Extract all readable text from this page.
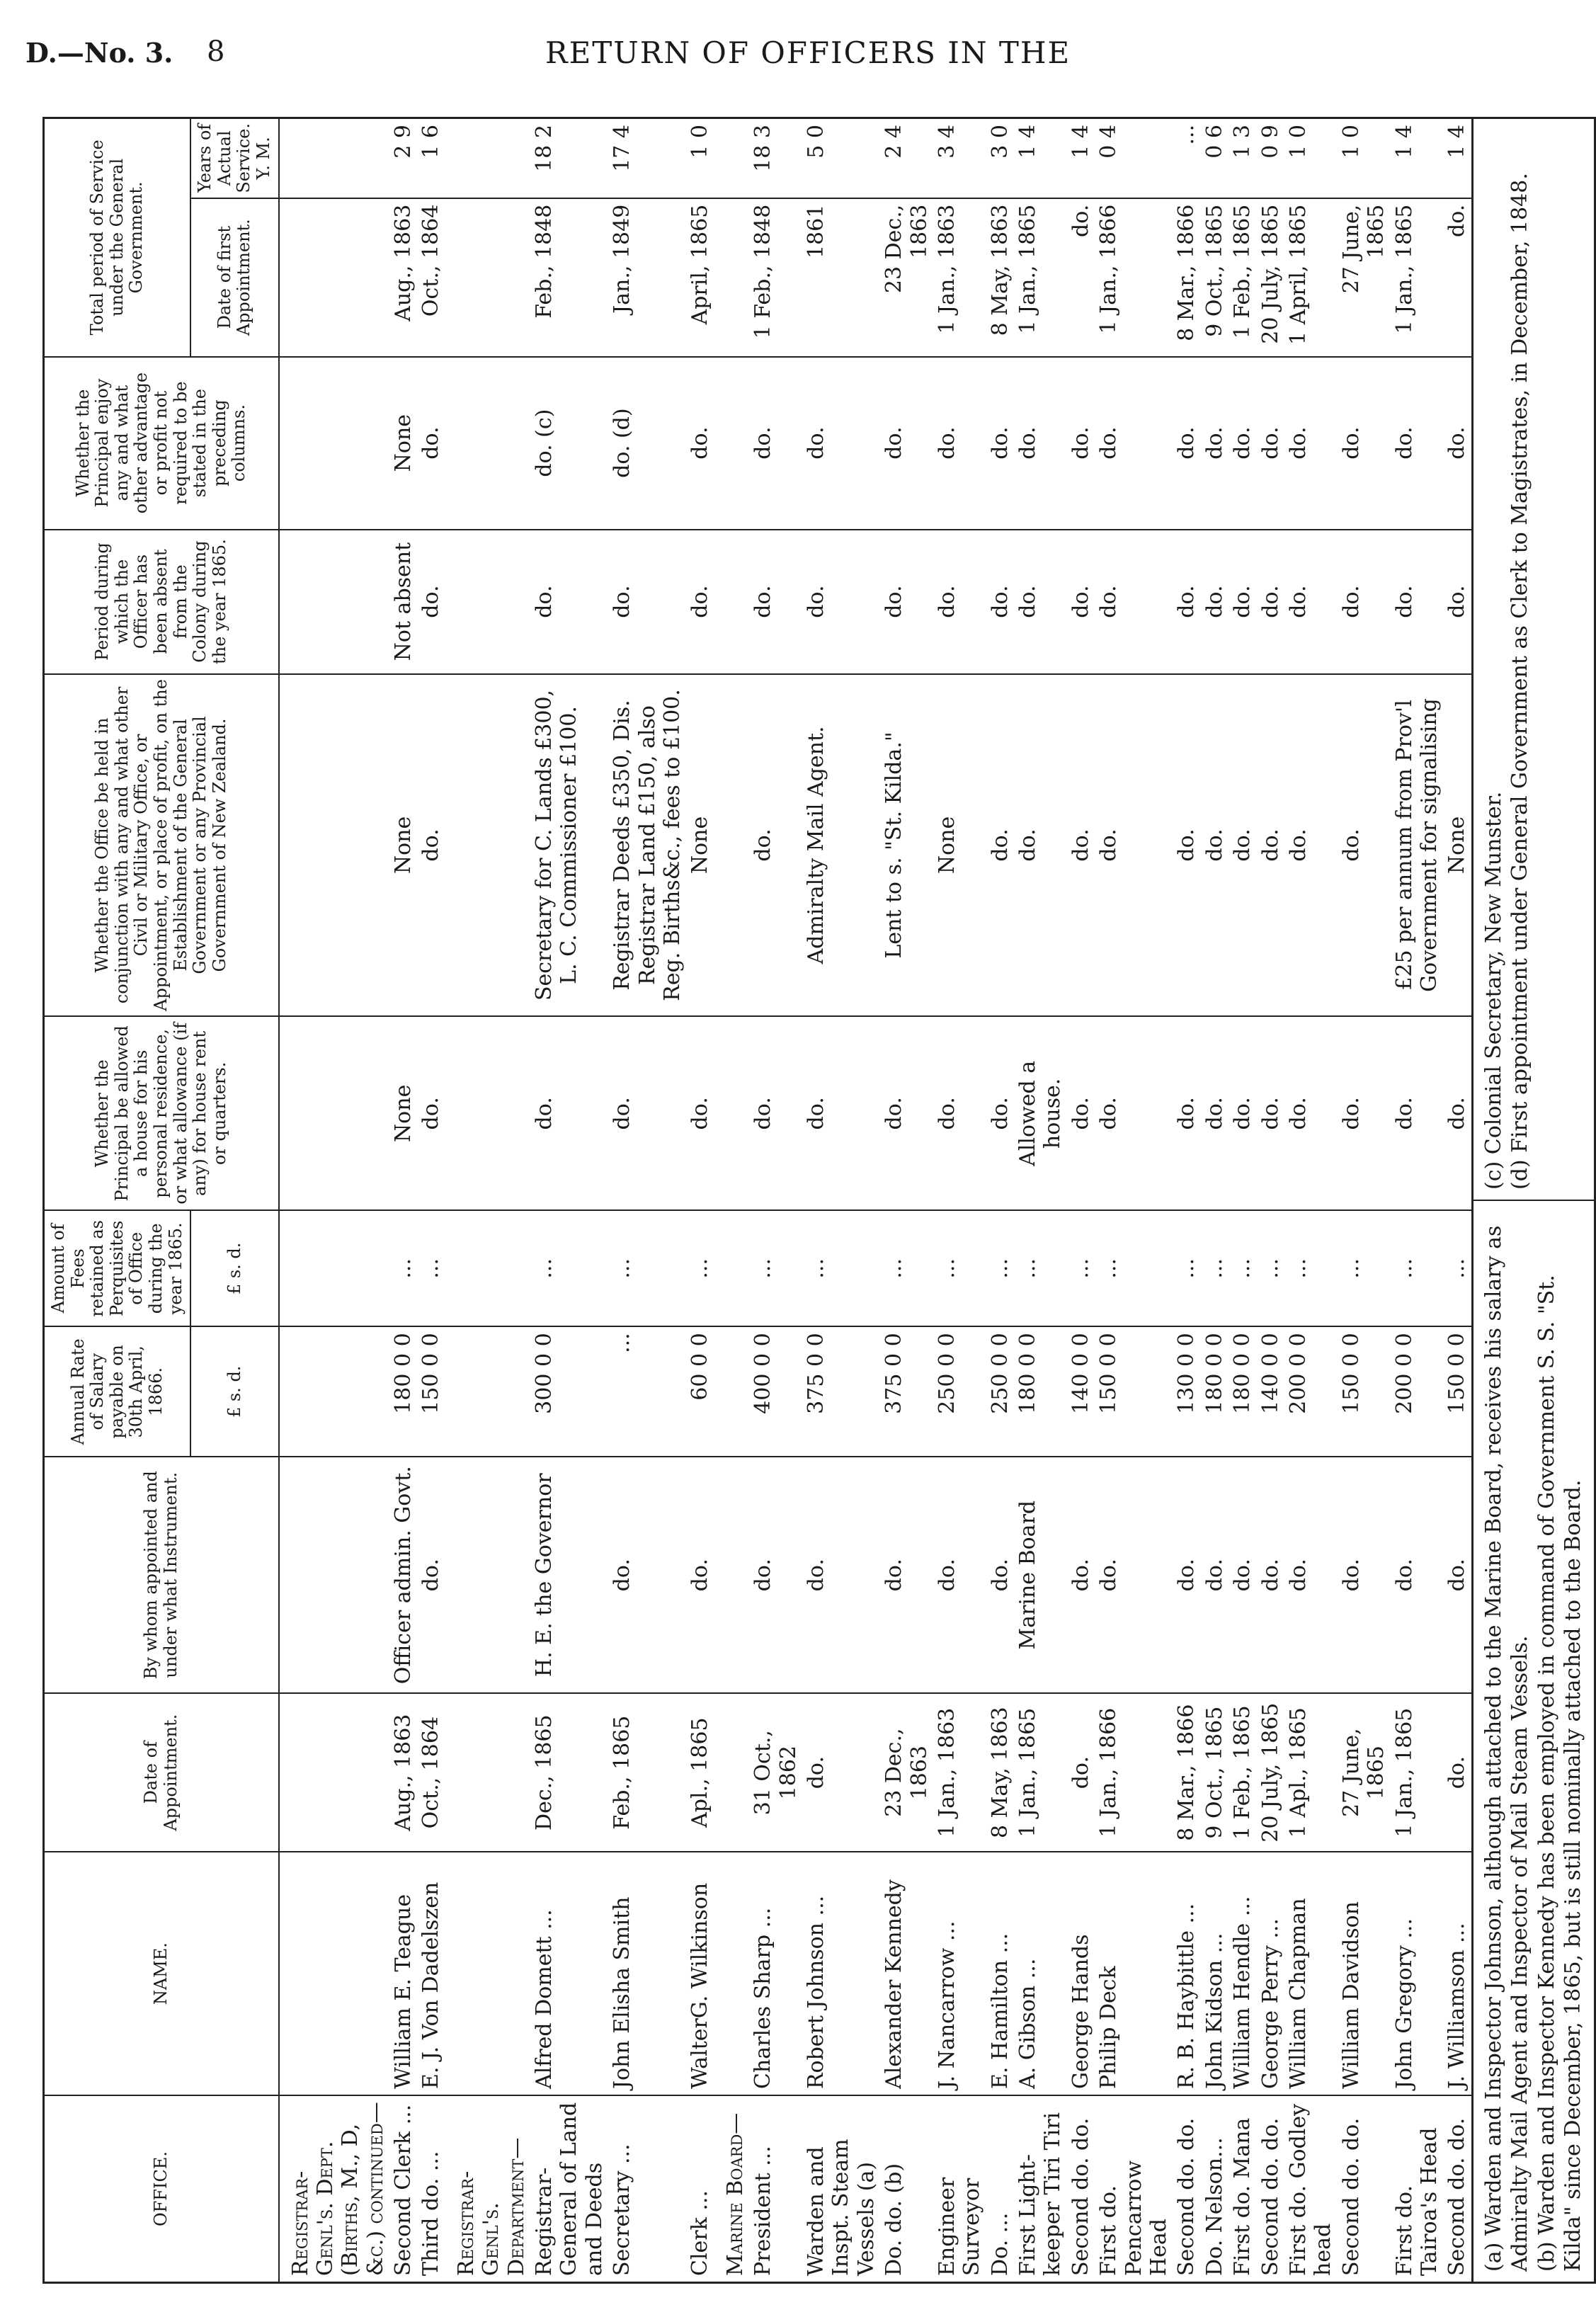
D.—No. 3. 8	RETURN OF OFFICERS IN THE
OFFICE.	NAME.	Date of Appointment.	By whom appointed and under what Instrument.	Annual Rate of Salary payable on 30th April, 1866.	Amount of Fees retained as Perquisites of Office during the year 1865.	Whether the Principal be allowed a house for his personal residence, or what allowance (if any) for house rent or quarters.	Whether the Office be held in conjunction with any and what other Civil or Military Office, or Appointment, or place of profit, on the Establishment of the General Government or any Provincial Government of New Zealand.	Period during which the Officer has been absent from the Colony during the year 1865.	Whether the Principal enjoy any and what other advantage or profit not required to be stated in the preceding columns.	Total period of Service under the General Government.	
				£ s. d.	£ s. d.					Date of first Appointment.	Years of Actual Service.
Y. M.
Registrar-Genl's. Dept. (Births, M., D, &c.) continued—											
Second Clerk ...	William E. Teague	Aug., 1863	Officer admin. Govt.	180 0 0	...	None	None	Not absent	None	Aug., 1863	2 9
Third do. ...	E. J. Von Dadelszen	Oct., 1864	do.	150 0 0	...	do.	do.	do.	do.	Oct., 1864	1 6
Registrar-Genl's. Department—											
Registrar-General of Land and Deeds	Alfred Domett ...	Dec., 1865	H. E. the Governor	300 0 0	...	do.	Secretary for C. Lands £300, L. C. Commissioner £100.	do.	do. (c)	Feb., 1848	18 2
Secretary ...	John Elisha Smith	Feb., 1865	do.	...	...	do.	Registrar Deeds £350, Dis. Registrar Land £150, also Reg. Births&c., fees to £100.	do.	do. (d)	Jan., 1849	17 4
Clerk ...	WalterG. Wilkinson	Apl., 1865	do.	60 0 0	...	do.	None	do.	do.	April, 1865	1 0
Marine Board—											
President ...	Charles Sharp ...	31 Oct., 1862	do.	400 0 0	...	do.	do.	do.	do.	1 Feb., 1848	18 3
Warden and Inspt. Steam Vessels (a)	Robert Johnson ...	do.	do.	375 0 0	...	do.	Admiralty Mail Agent.	do.	do.	1861	5 0
Do. do. (b)	Alexander Kennedy	23 Dec., 1863	do.	375 0 0	...	do.	Lent to s. "St. Kilda."	do.	do.	23 Dec., 1863	2 4
Engineer Surveyor	J. Nancarrow ...	1 Jan., 1863	do.	250 0 0	...	do.	None	do.	do.	1 Jan., 1863	3 4
Do. ...	E. Hamilton ...	8 May, 1863	do.	250 0 0	...	do.	do.	do.	do.	8 May, 1863	3 0
First Light-keeper Tiri Tiri	A. Gibson ...	1 Jan., 1865	Marine Board	180 0 0	...	Allowed a house.	do.	do.	do.	1 Jan., 1865	1 4
Second do. do.	George Hands	do.	do.	140 0 0	...	do.	do.	do.	do.	do.	1 4
First do. Pencarrow Head	Philip Deck	1 Jan., 1866	do.	150 0 0	...	do.	do.	do.	do.	1 Jan., 1866	0 4
Second do. do.	R. B. Haybittle ...	8 Mar., 1866	do.	130 0 0	...	do.	do.	do.	do.	8 Mar., 1866	...
Do. Nelson...	John Kidson ...	9 Oct., 1865	do.	180 0 0	...	do.	do.	do.	do.	9 Oct., 1865	0 6
First do. Mana	William Hendle ...	1 Feb., 1865	do.	180 0 0	...	do.	do.	do.	do.	1 Feb., 1865	1 3
Second do. do.	George Perry ...	20 July, 1865	do.	140 0 0	...	do.	do.	do.	do.	20 July, 1865	0 9
First do. Godley head	William Chapman	1 Apl., 1865	do.	200 0 0	...	do.	do.	do.	do.	1 April, 1865	1 0
Second do. do.	William Davidson	27 June, 1865	do.	150 0 0	...	do.	do.	do.	do.	27 June, 1865	1 0
First do. Tairoa's Head	John Gregory ...	1 Jan., 1865	do.	200 0 0	...	do.	£25 per annum from Prov'l Government for signalising	do.	do.	1 Jan., 1865	1 4
Second do. do.	J. Williamson ...	do.	do.	150 0 0	...	do.	None	do.	do.	do.	1 4
(a) Warden and Inspector Johnson, although attached to the Marine Board, receives his salary as Admiralty Mail Agent and Inspector of Mail Steam Vessels. (b) Warden and Inspector Kennedy has been employed in command of Government S. S. "St. Kilda" since December, 1865, but is still nominally attached to the Board.

(c) Colonial Secretary, New Munster. (d) First appointment under General Government as Clerk to Magistrates, in December, 1848.
